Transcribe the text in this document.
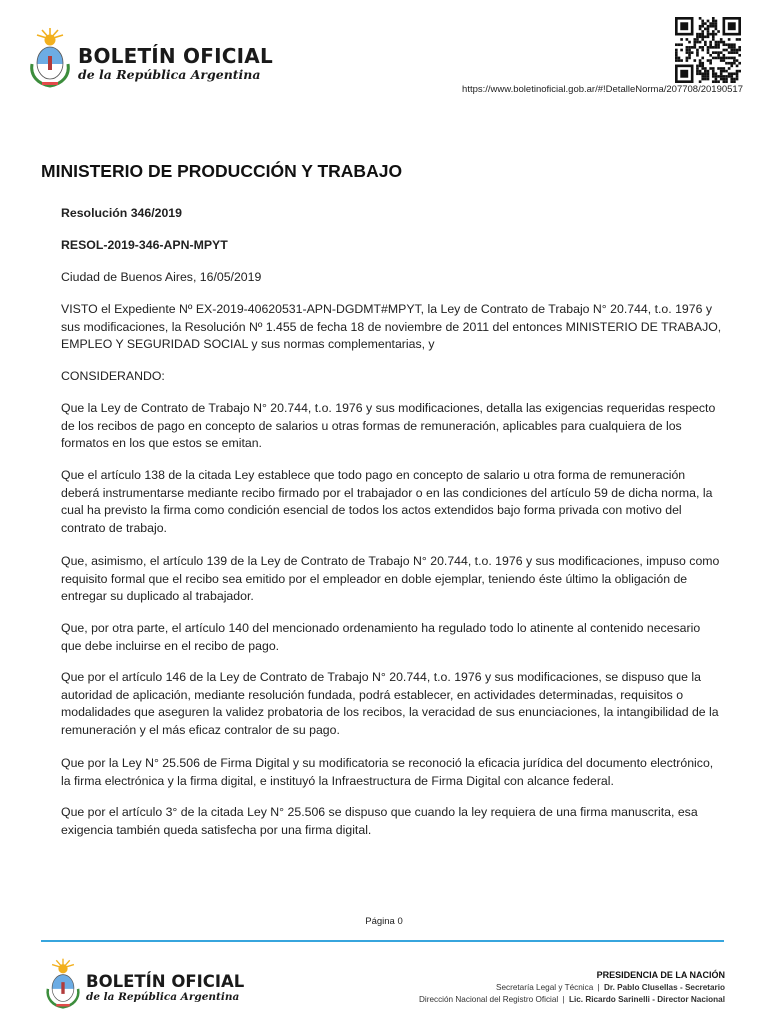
BOLETÍN OFICIAL
de la República Argentina
https://www.boletinoficial.gob.ar/#!DetalleNorma/207708/20190517
MINISTERIO DE PRODUCCIÓN Y TRABAJO
Resolución 346/2019
RESOL-2019-346-APN-MPYT
Ciudad de Buenos Aires, 16/05/2019
VISTO el Expediente Nº EX-2019-40620531-APN-DGDMT#MPYT, la Ley de Contrato de Trabajo N° 20.744, t.o. 1976 y sus modificaciones, la Resolución Nº 1.455 de fecha 18 de noviembre de 2011 del entonces MINISTERIO DE TRABAJO, EMPLEO Y SEGURIDAD SOCIAL y sus normas complementarias, y
CONSIDERANDO:
Que la Ley de Contrato de Trabajo N° 20.744, t.o. 1976 y sus modificaciones, detalla las exigencias requeridas respecto de los recibos de pago en concepto de salarios u otras formas de remuneración, aplicables para cualquiera de los formatos en los que estos se emitan.
Que el artículo 138 de la citada Ley establece que todo pago en concepto de salario u otra forma de remuneración deberá instrumentarse mediante recibo firmado por el trabajador o en las condiciones del artículo 59 de dicha norma, la cual ha previsto la firma como condición esencial de todos los actos extendidos bajo forma privada con motivo del contrato de trabajo.
Que, asimismo, el artículo 139 de la Ley de Contrato de Trabajo N° 20.744, t.o. 1976 y sus modificaciones, impuso como requisito formal que el recibo sea emitido por el empleador en doble ejemplar, teniendo éste último la obligación de entregar su duplicado al trabajador.
Que, por otra parte, el artículo 140 del mencionado ordenamiento ha regulado todo lo atinente al contenido necesario que debe incluirse en el recibo de pago.
Que por el artículo 146 de la Ley de Contrato de Trabajo N° 20.744, t.o. 1976 y sus modificaciones, se dispuso que la autoridad de aplicación, mediante resolución fundada, podrá establecer, en actividades determinadas, requisitos o modalidades que aseguren la validez probatoria de los recibos, la veracidad de sus enunciaciones, la intangibilidad de la remuneración y el más eficaz contralor de su pago.
Que por la Ley N° 25.506 de Firma Digital y su modificatoria se reconoció la eficacia jurídica del documento electrónico, la firma electrónica y la firma digital, e instituyó la Infraestructura de Firma Digital con alcance federal.
Que por el artículo 3° de la citada Ley N° 25.506 se dispuso que cuando la ley requiera de una firma manuscrita, esa exigencia también queda satisfecha por una firma digital.
Página 0
BOLETÍN OFICIAL
de la República Argentina
PRESIDENCIA DE LA NACIÓN
Secretaría Legal y Técnica | Dr. Pablo Clusellas - Secretario
Dirección Nacional del Registro Oficial | Lic. Ricardo Sarinelli - Director Nacional
